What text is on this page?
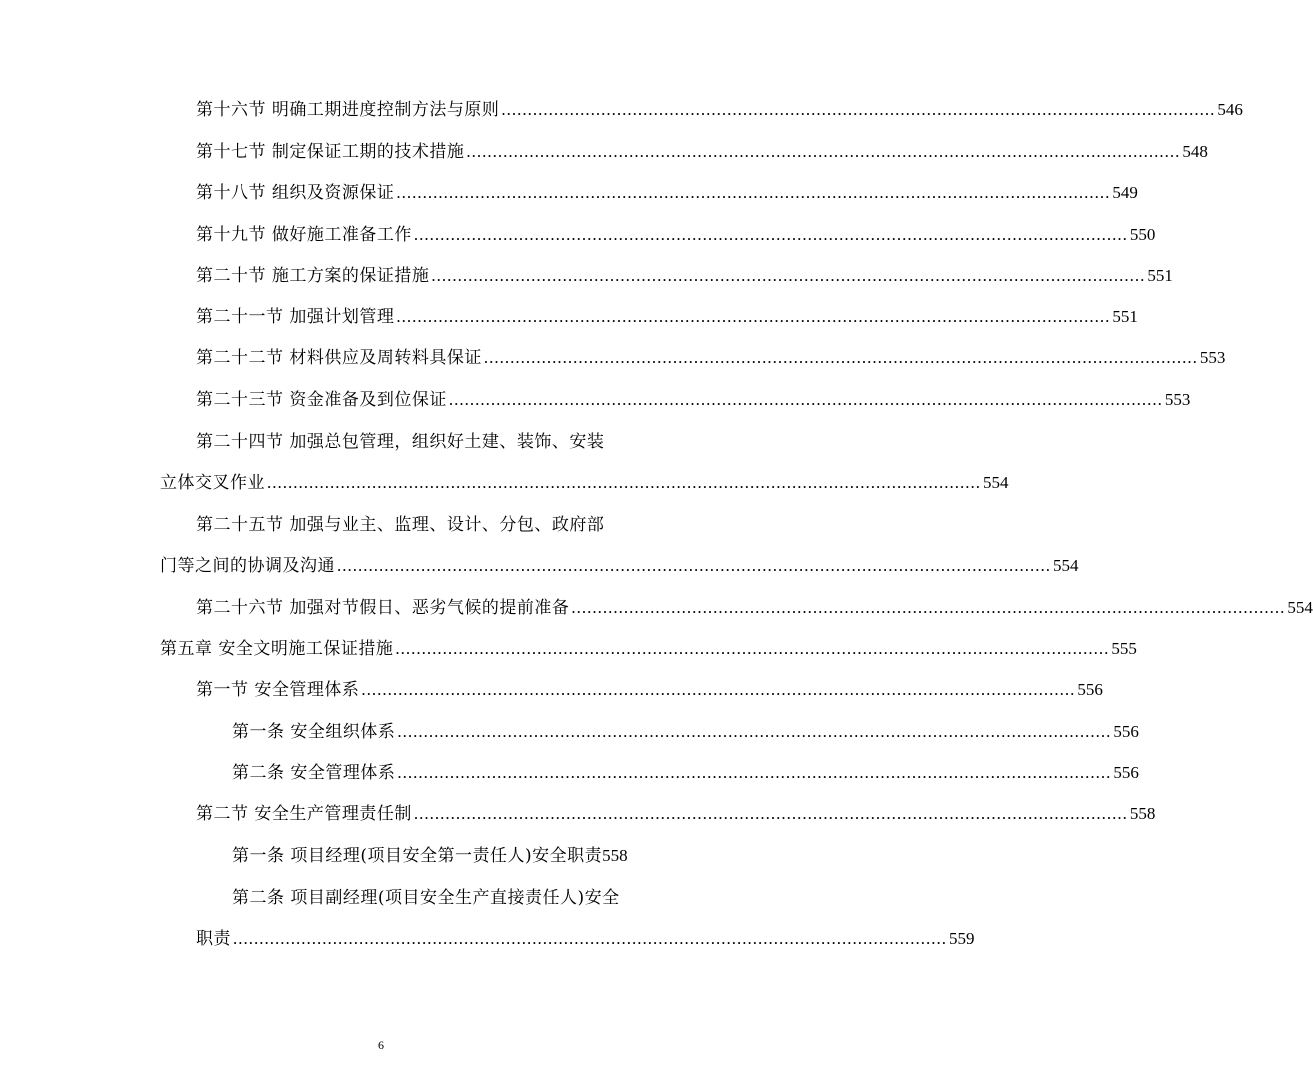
第十六节 明确工期进度控制方法与原则 ........................................................................................................................................ 546
第十七节 制定保证工期的技术措施 ........................................................................................................................................ 548
第十八节 组织及资源保证 ........................................................................................................................................ 549
第十九节 做好施工准备工作 ........................................................................................................................................ 550
第二十节 施工方案的保证措施 ........................................................................................................................................ 551
第二十一节 加强计划管理 ........................................................................................................................................ 551
第二十二节 材料供应及周转料具保证 ........................................................................................................................................ 553
第二十三节 资金准备及到位保证 ........................................................................................................................................ 553
第二十四节 加强总包管理，组织好土建、装饰、安装
立体交叉作业 ........................................................................................................................................ 554
第二十五节 加强与业主、监理、设计、分包、政府部
门等之间的协调及沟通 ........................................................................................................................................ 554
第二十六节 加强对节假日、恶劣气候的提前准备 ........................................................................................................................................ 554
第五章 安全文明施工保证措施 ........................................................................................................................................ 555
第一节 安全管理体系 ........................................................................................................................................ 556
第一条 安全组织体系 ........................................................................................................................................ 556
第二条 安全管理体系 ........................................................................................................................................ 556
第二节 安全生产管理责任制 ........................................................................................................................................ 558
第一条 项目经理(项目安全第一责任人)安全职责 558
第二条 项目副经理(项目安全生产直接责任人)安全
职责 ........................................................................................................................................ 559
6
